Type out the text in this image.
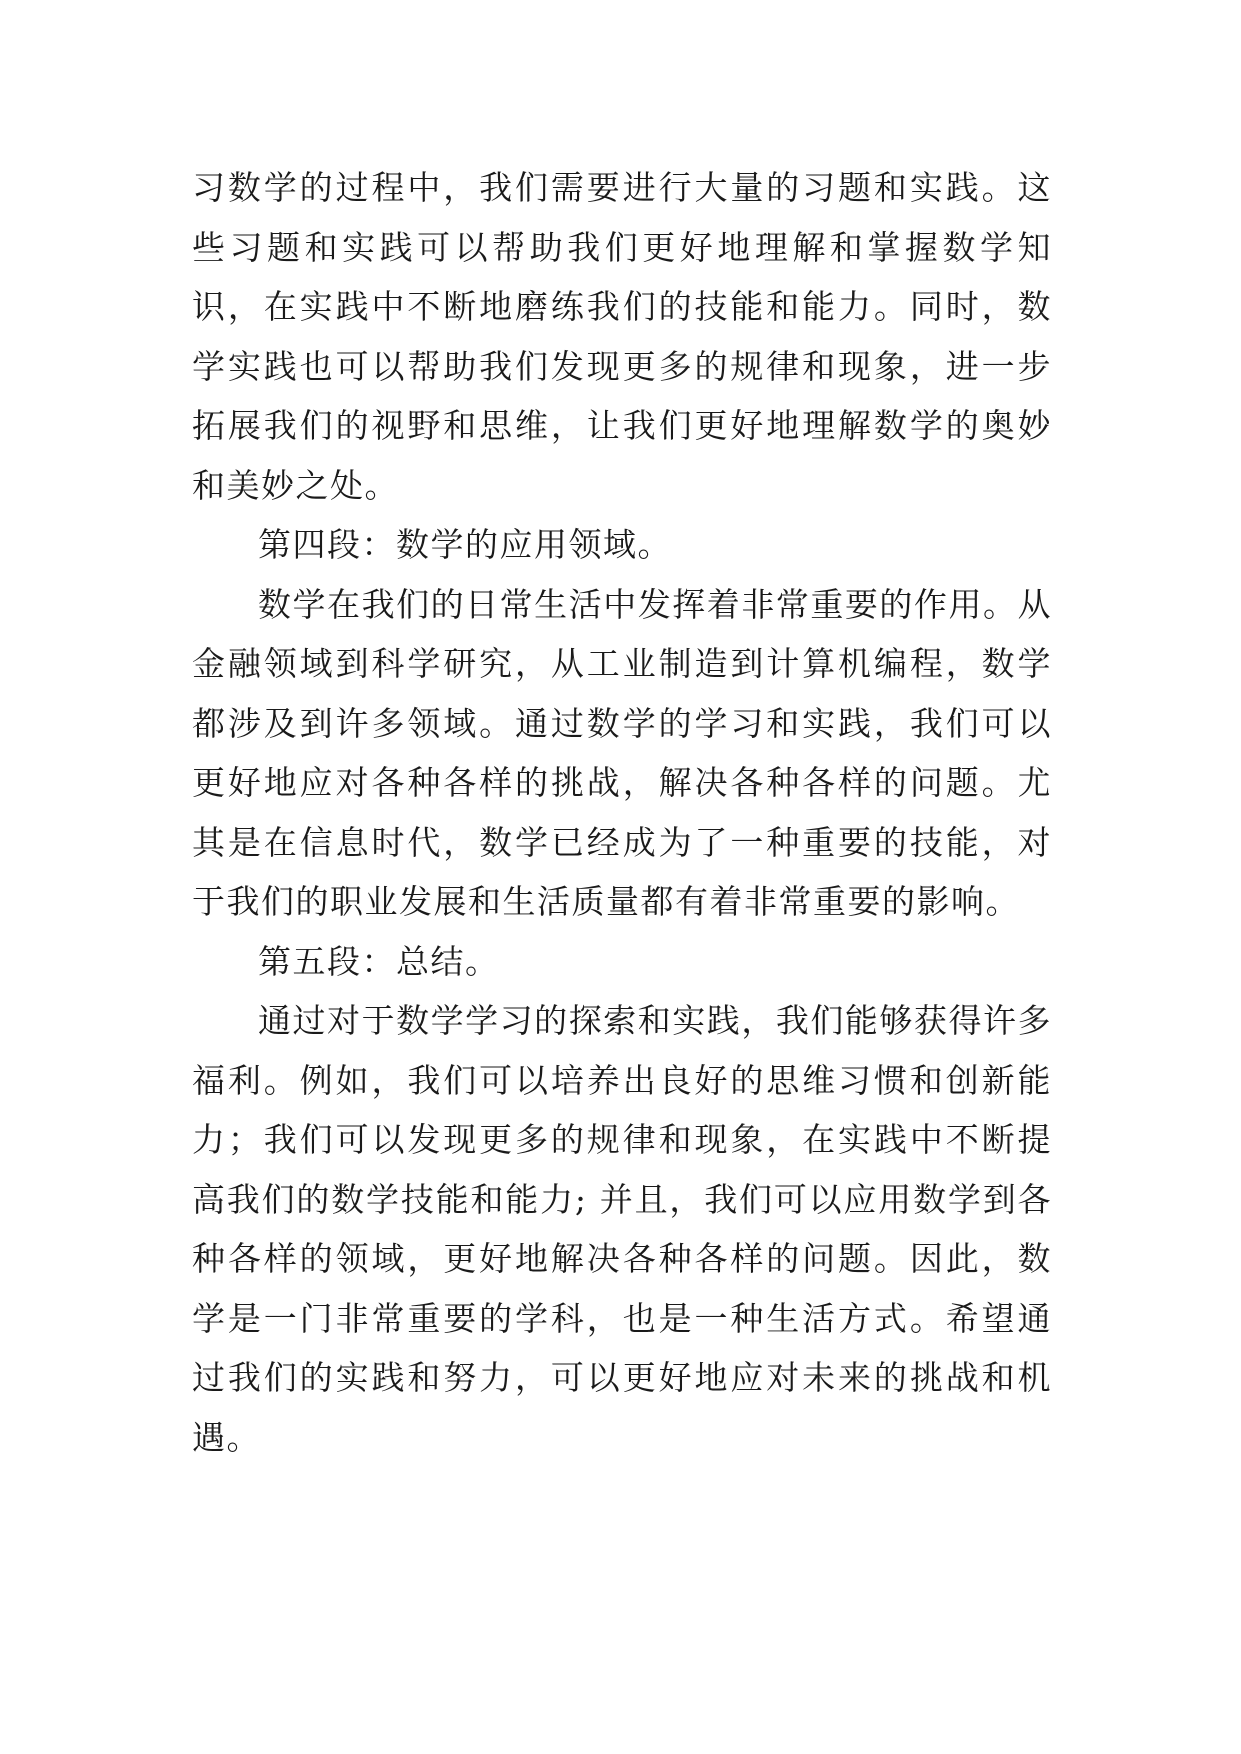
习数学的过程中，我们需要进行大量的习题和实践。这些习题和实践可以帮助我们更好地理解和掌握数学知识，在实践中不断地磨练我们的技能和能力。同时，数学实践也可以帮助我们发现更多的规律和现象，进一步拓展我们的视野和思维，让我们更好地理解数学的奥妙和美妙之处。

第四段：数学的应用领域。

数学在我们的日常生活中发挥着非常重要的作用。从金融领域到科学研究，从工业制造到计算机编程，数学都涉及到许多领域。通过数学的学习和实践，我们可以更好地应对各种各样的挑战，解决各种各样的问题。尤其是在信息时代，数学已经成为了一种重要的技能，对于我们的职业发展和生活质量都有着非常重要的影响。

第五段：总结。

通过对于数学学习的探索和实践，我们能够获得许多福利。例如，我们可以培养出良好的思维习惯和创新能力；我们可以发现更多的规律和现象，在实践中不断提高我们的数学技能和能力; 并且，我们可以应用数学到各种各样的领域，更好地解决各种各样的问题。因此，数学是一门非常重要的学科，也是一种生活方式。希望通过我们的实践和努力，可以更好地应对未来的挑战和机遇。
